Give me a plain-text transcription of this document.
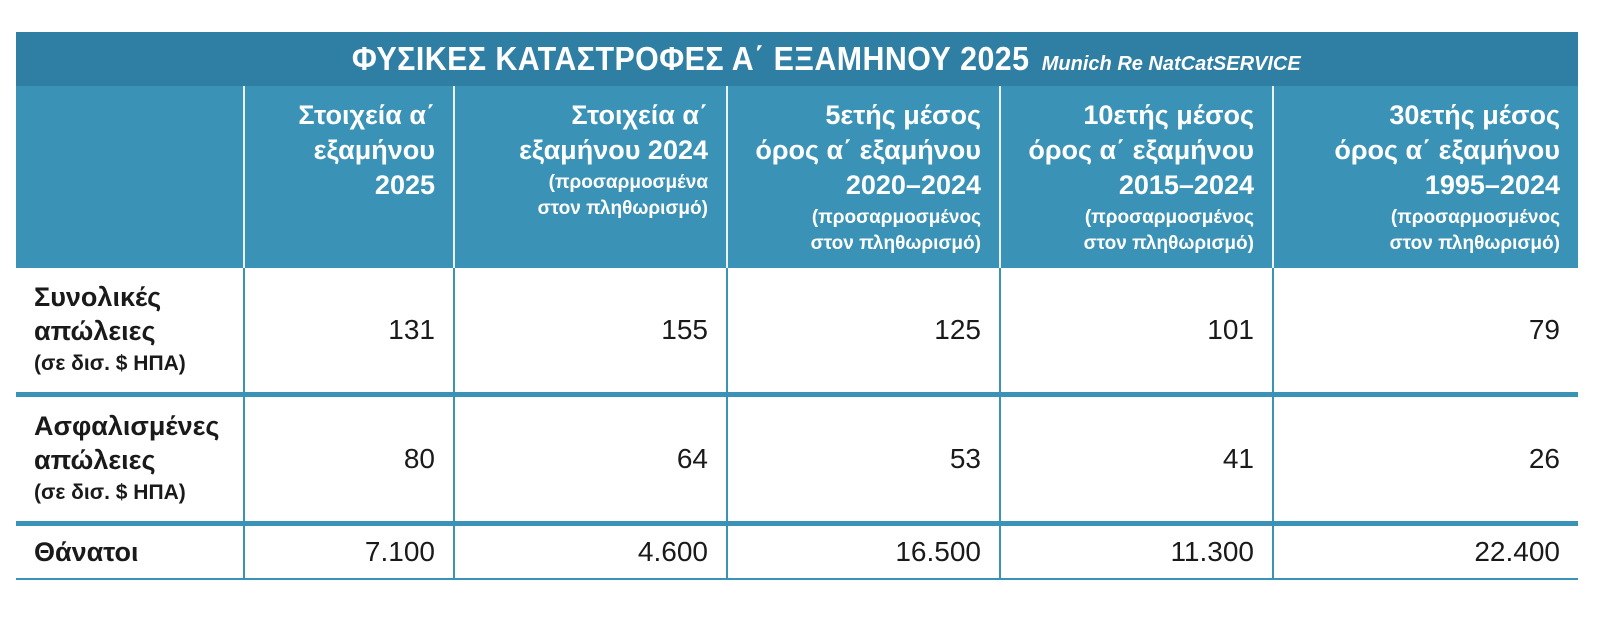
ΦΥΣΙΚΕΣ ΚΑΤΑΣΤΡΟΦΕΣ Α΄ ΕΞΑΜΗΝΟΥ 2025 Munich Re NatCatSERVICE

	Στοιχεία α΄
εξαμήνου
2025	Στοιχεία α΄
εξαμήνου 2024
(προσαρμοσμένα
στον πληθωρισμό)	5ετής μέσος
όρος α΄ εξαμήνου
2020–2024
(προσαρμοσμένος
στον πληθωρισμό)	10ετής μέσος
όρος α΄ εξαμήνου
2015–2024
(προσαρμοσμένος
στον πληθωρισμό)	30ετής μέσος
όρος α΄ εξαμήνου
1995–2024
(προσαρμοσμένος
στον πληθωρισμό)

Συνολικές
απώλειες
(σε δισ. $ ΗΠΑ)	131	155	125	101	79

Ασφαλισμένες
απώλειες
(σε δισ. $ ΗΠΑ)	80	64	53	41	26

Θάνατοι	7.100	4.600	16.500	11.300	22.400
